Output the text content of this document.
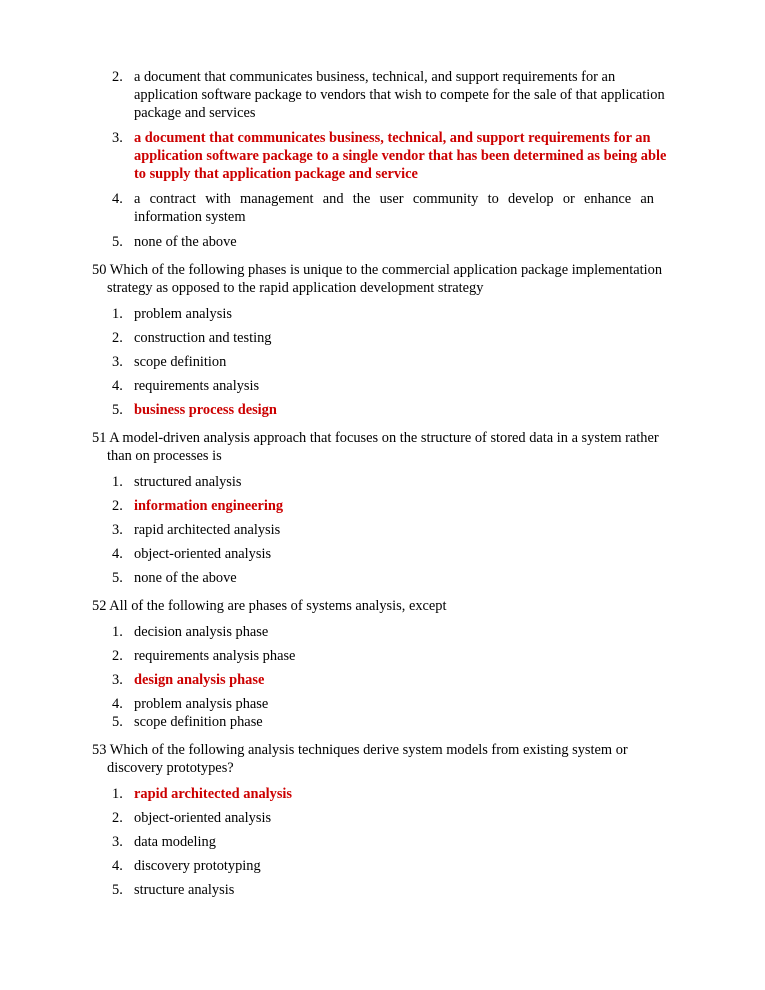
2. a document that communicates business, technical, and support requirements for an application software package to vendors that wish to compete for the sale of that application package and services
3. a document that communicates business, technical, and support requirements for an application software package to a single vendor that has been determined as being able to supply that application package and service
4. a contract with management and the user community to develop or enhance an information system
5. none of the above

50 Which of the following phases is unique to the commercial application package implementation strategy as opposed to the rapid application development strategy

1. problem analysis
2. construction and testing
3. scope definition
4. requirements analysis
5. business process design

51 A model-driven analysis approach that focuses on the structure of stored data in a system rather than on processes is

1. structured analysis
2. information engineering
3. rapid architected analysis
4. object-oriented analysis
5. none of the above

52 All of the following are phases of systems analysis, except

1. decision analysis phase
2. requirements analysis phase
3. design analysis phase
4. problem analysis phase
5. scope definition phase

53 Which of the following analysis techniques derive system models from existing system or discovery prototypes?

1. rapid architected analysis
2. object-oriented analysis
3. data modeling
4. discovery prototyping
5. structure analysis
